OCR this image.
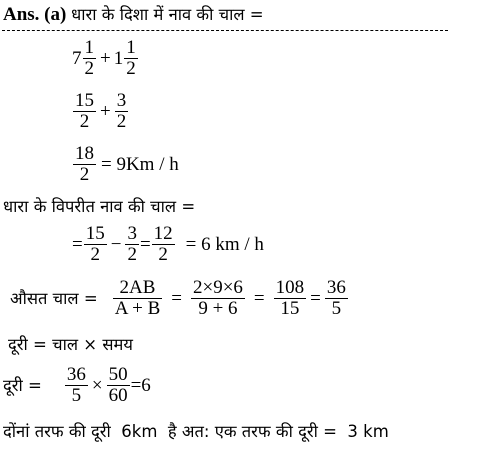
Ans. (a) धारा के दिशा में नाव की चाल =
$7 \frac{1}{2} + 1 \frac{1}{2}$
$\frac{15}{2} + \frac{3}{2}$
$\frac{18}{2} = 9Km / h$
धारा के विपरीत नाव की चाल =
= $\frac{15}{2} - \frac{3}{2} = \frac{12}{2} = 6$ km / h
औसत चाल = $\frac{2AB}{A + B} = \frac{2\times 9\times 6}{9 + 6} = \frac{108}{15} = \frac{36}{5}$
दूरी = चाल × समय
दूरी = $\frac{36}{5} \times \frac{50}{60} =6$
दोंनां तरफ की दूरी  6km  है अत: एक तरफ की दूरी =  3 km
